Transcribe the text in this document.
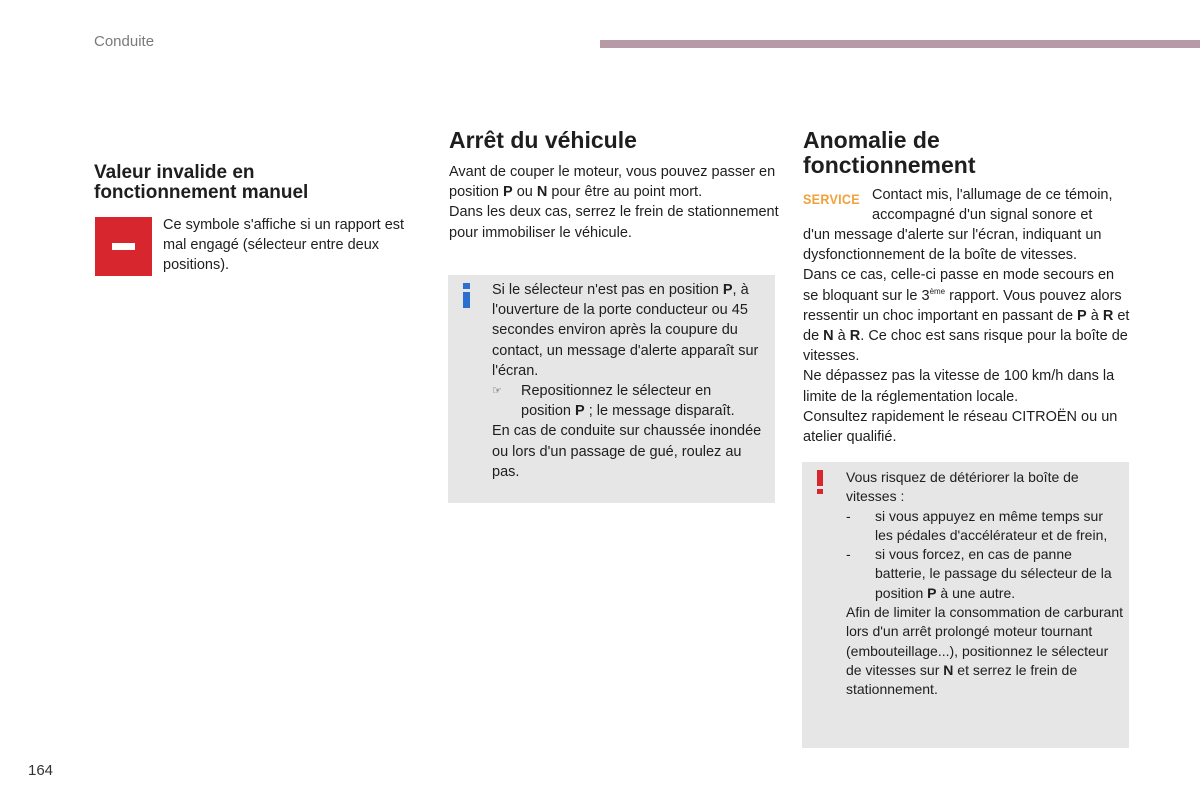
Conduite
Valeur invalide en
fonctionnement manuel
Ce symbole s'affiche si un rapport est mal engagé (sélecteur entre deux positions).
Arrêt du véhicule

Avant de couper le moteur, vous pouvez passer en position P ou N pour être au point mort.

Dans les deux cas, serrez le frein de stationnement pour immobiliser le véhicule.

Si le sélecteur n'est pas en position P, à l'ouverture de la porte conducteur ou 45 secondes environ après la coupure du contact, un message d'alerte apparaît sur l'écran.

☞ Repositionnez le sélecteur en position P ; le message disparaît.

En cas de conduite sur chaussée inondée ou lors d'un passage de gué, roulez au pas.

Anomalie de
fonctionnement
SERVICE Contact mis, l'allumage de ce témoin,

accompagné d'un signal sonore et

d'un message d'alerte sur l'écran, indiquant un dysfonctionnement de la boîte de vitesses.

Dans ce cas, celle-ci passe en mode secours en se bloquant sur le 3ème rapport. Vous pouvez alors ressentir un choc important en passant de P à R et de N à R. Ce choc est sans risque pour la boîte de vitesses.

Ne dépassez pas la vitesse de 100 km/h dans la limite de la réglementation locale.

Consultez rapidement le réseau CITROËN ou un atelier qualifié.

Vous risquez de détériorer la boîte de vitesses :

- si vous appuyez en même temps sur les pédales d'accélérateur et de frein,

- si vous forcez, en cas de panne batterie, le passage du sélecteur de la position P à une autre.

Afin de limiter la consommation de carburant lors d'un arrêt prolongé moteur tournant (embouteillage...), positionnez le sélecteur de vitesses sur N et serrez le frein de stationnement.

164
